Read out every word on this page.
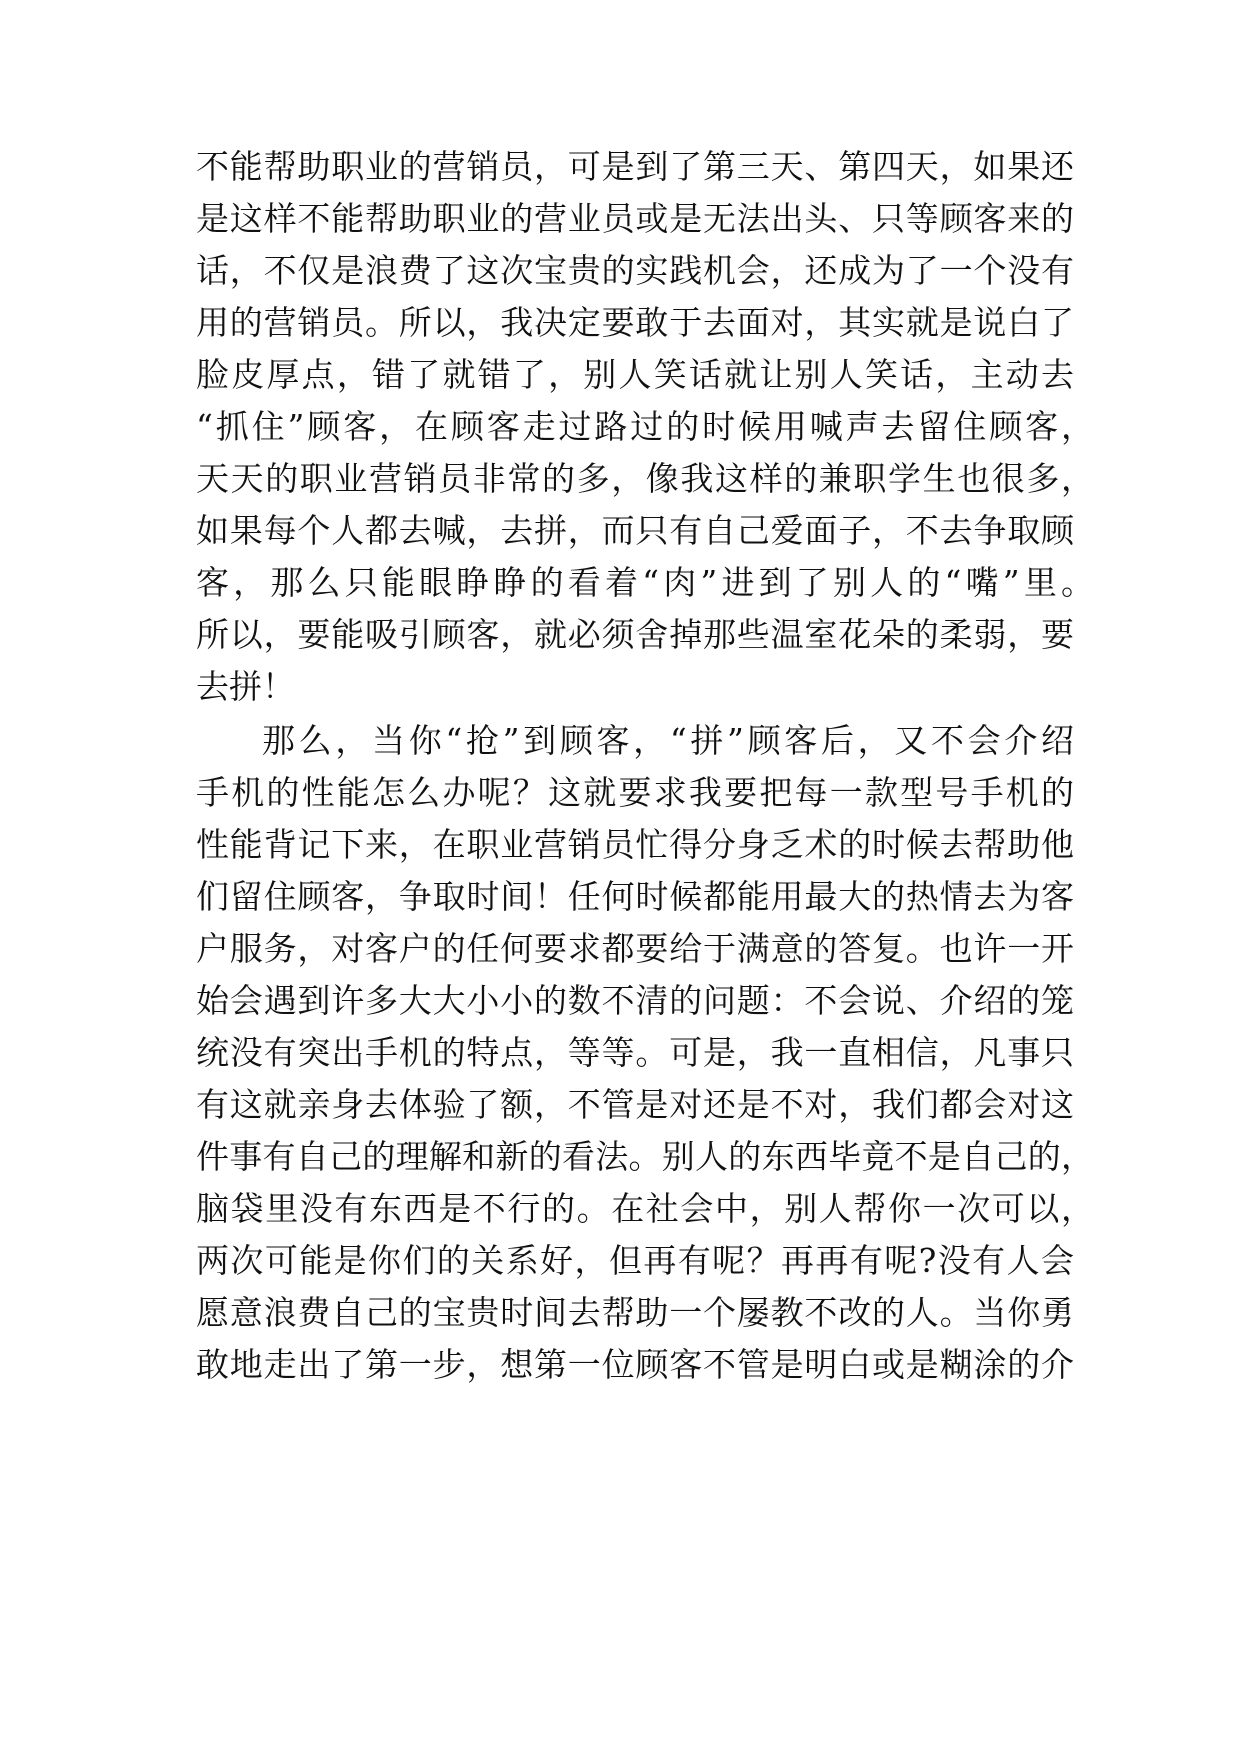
不能帮助职业的营销员，可是到了第三天、第四天，如果还
是这样不能帮助职业的营业员或是无法出头、只等顾客来的
话，不仅是浪费了这次宝贵的实践机会，还成为了一个没有
用的营销员。所以，我决定要敢于去面对，其实就是说白了
脸皮厚点，错了就错了，别人笑话就让别人笑话，主动去
“抓住”顾客，在顾客走过路过的时候用喊声去留住顾客，
天天的职业营销员非常的多，像我这样的兼职学生也很多，
如果每个人都去喊，去拼，而只有自己爱面子，不去争取顾
客，那么只能眼睁睁的看着“肉”进到了别人的“嘴”里。
所以，要能吸引顾客，就必须舍掉那些温室花朵的柔弱，要
去拼！
那么，当你“抢”到顾客，“拼”顾客后，又不会介绍
手机的性能怎么办呢？这就要求我要把每一款型号手机的
性能背记下来，在职业营销员忙得分身乏术的时候去帮助他
们留住顾客，争取时间！任何时候都能用最大的热情去为客
户服务，对客户的任何要求都要给于满意的答复。也许一开
始会遇到许多大大小小的数不清的问题：不会说、介绍的笼
统没有突出手机的特点，等等。可是，我一直相信，凡事只
有这就亲身去体验了额，不管是对还是不对，我们都会对这
件事有自己的理解和新的看法。别人的东西毕竟不是自己的，
脑袋里没有东西是不行的。在社会中，别人帮你一次可以，
两次可能是你们的关系好，但再有呢？再再有呢?没有人会
愿意浪费自己的宝贵时间去帮助一个屡教不改的人。当你勇
敢地走出了第一步，想第一位顾客不管是明白或是糊涂的介
